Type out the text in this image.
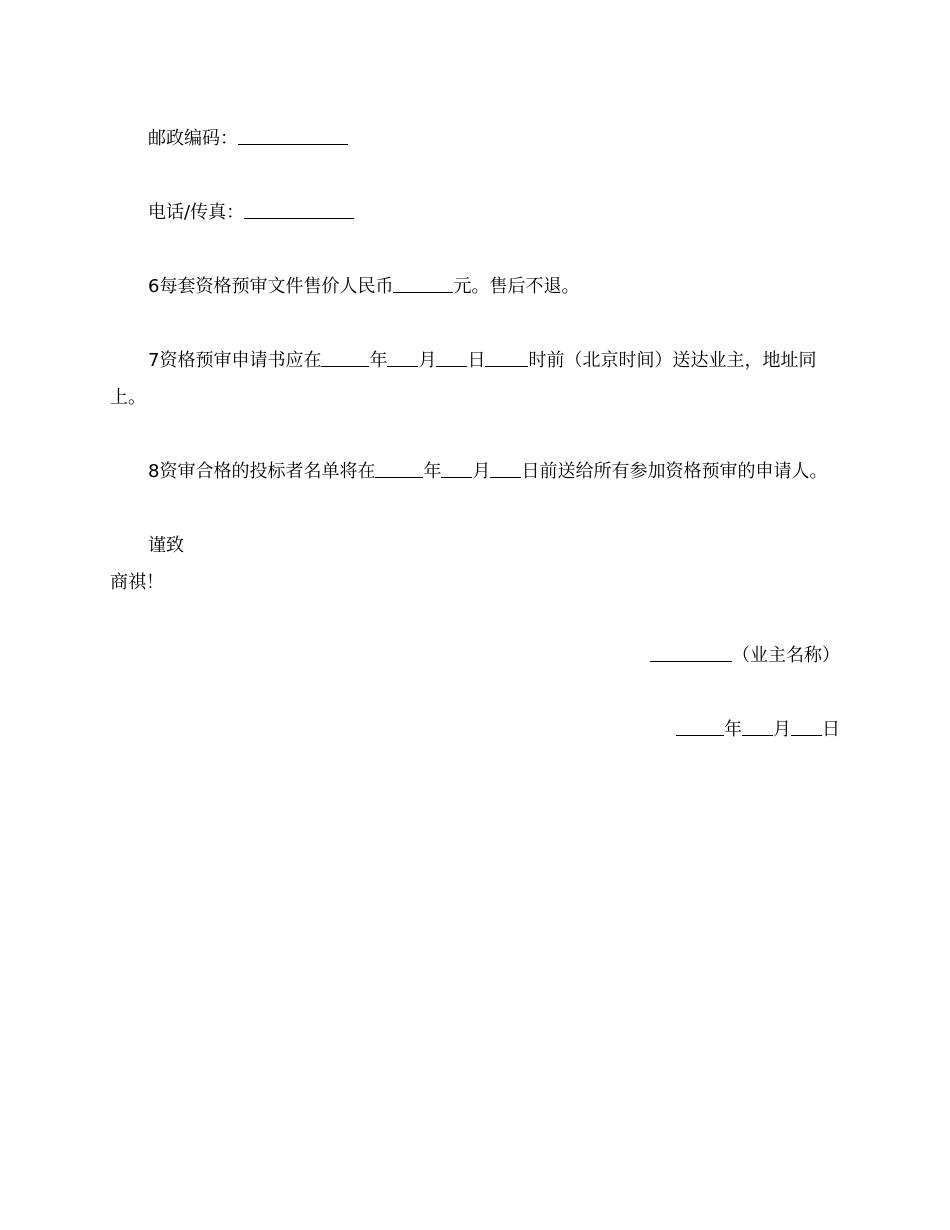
邮政编码：
电话/传真：
6每套资格预审文件售价人民币	元。售后不退。
7资格预审申请书应在	年 月 日 时前（北京时间）送达业主，地址同
上。
8资审合格的投标者名单将在	年 月 日前送给所有参加资格预审的申请人。
谨致
商祺！
（业主名称）
年 月 日
